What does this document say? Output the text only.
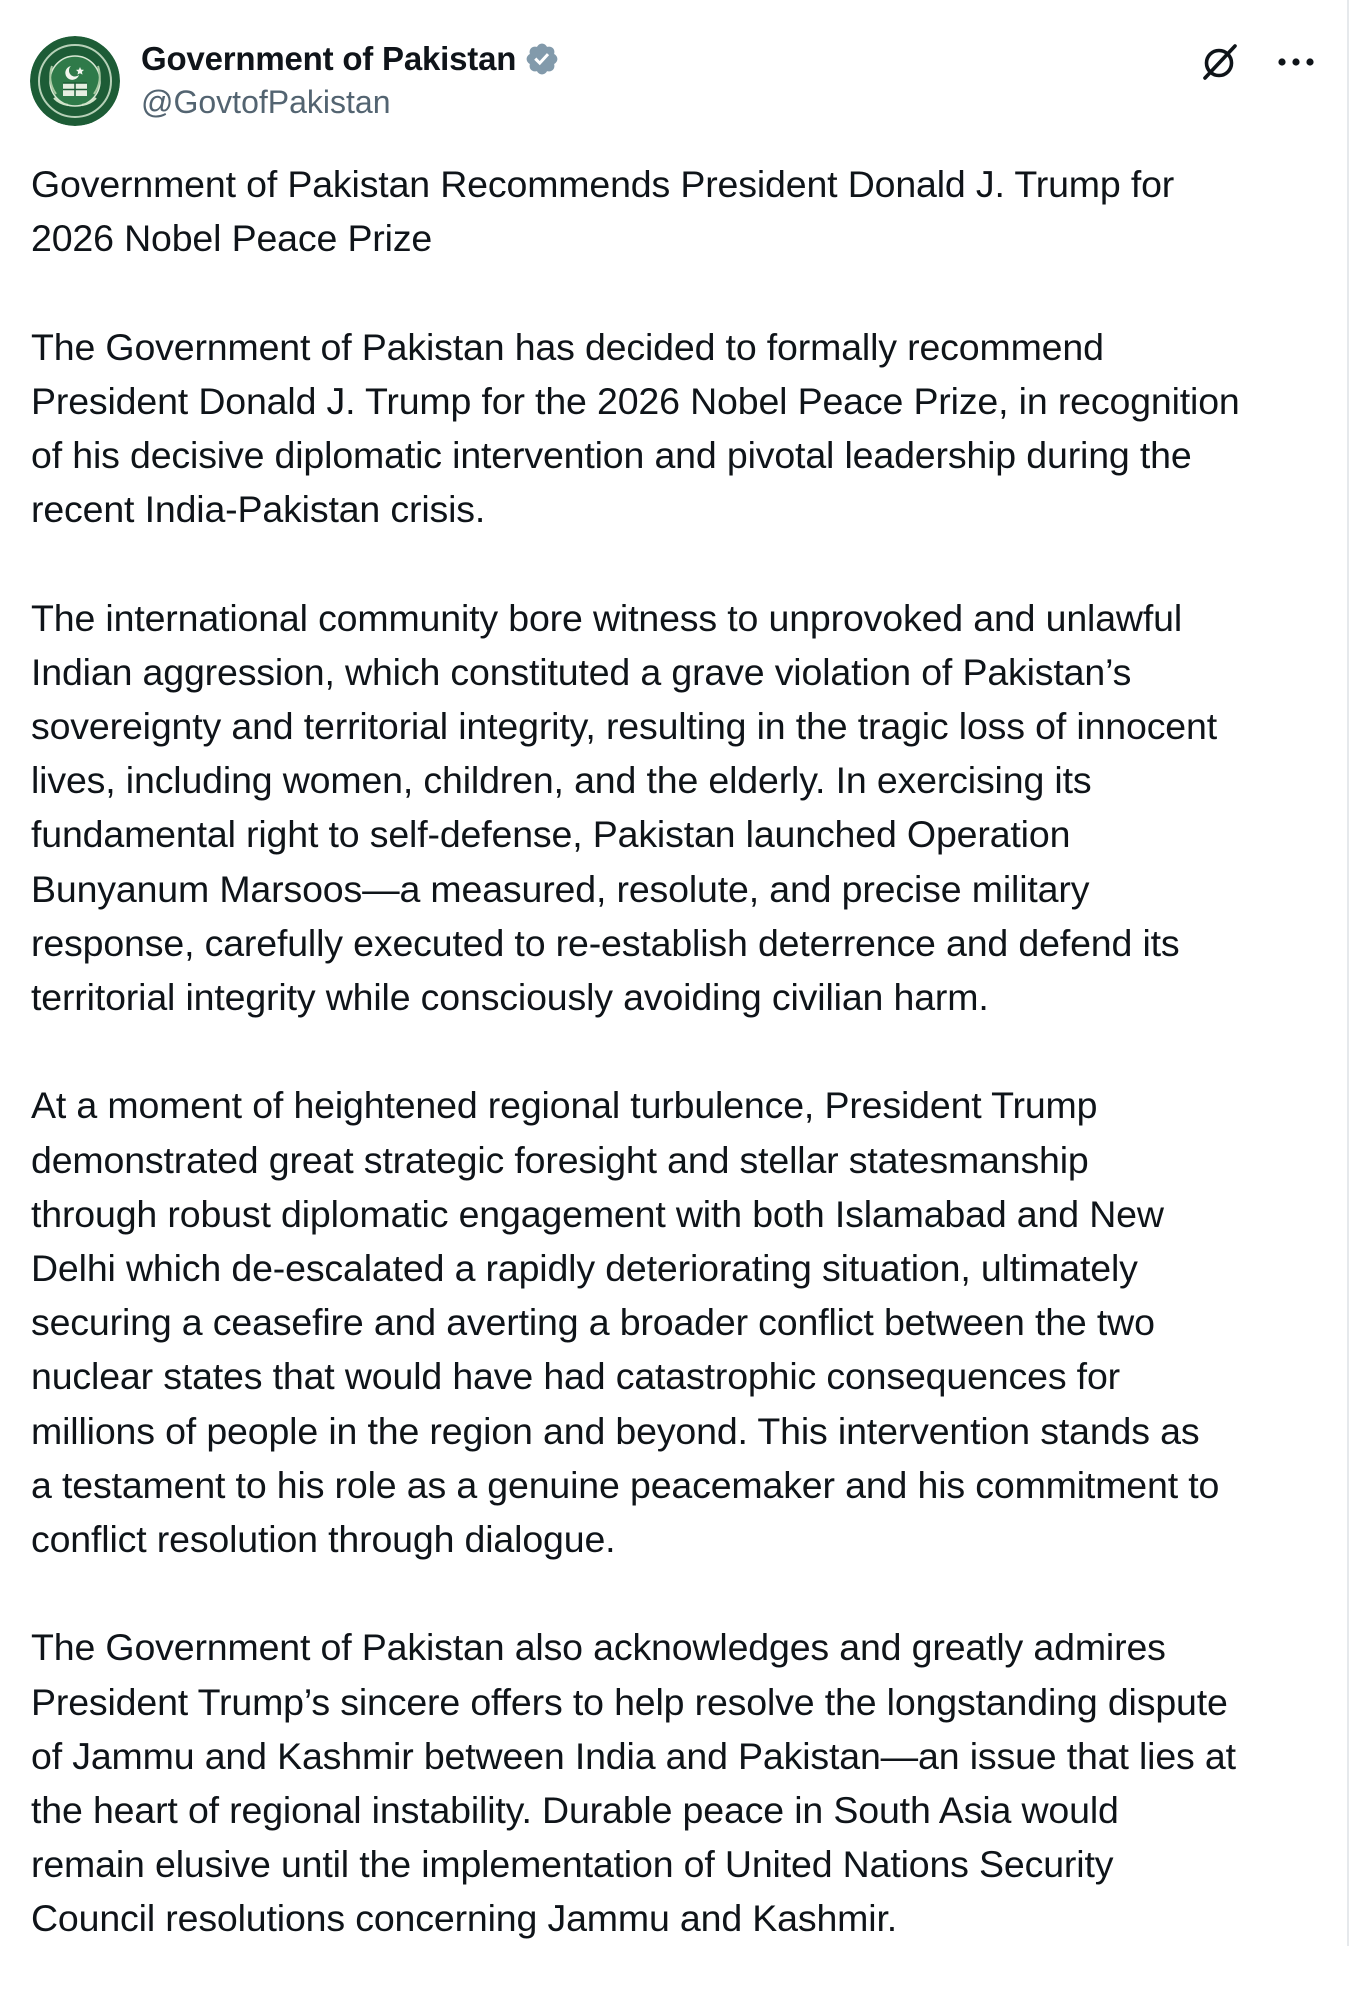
Government of Pakistan
@GovtofPakistan

Government of Pakistan Recommends President Donald J. Trump for
2026 Nobel Peace Prize

The Government of Pakistan has decided to formally recommend
President Donald J. Trump for the 2026 Nobel Peace Prize, in recognition
of his decisive diplomatic intervention and pivotal leadership during the
recent India-Pakistan crisis.

The international community bore witness to unprovoked and unlawful
Indian aggression, which constituted a grave violation of Pakistan’s
sovereignty and territorial integrity, resulting in the tragic loss of innocent
lives, including women, children, and the elderly. In exercising its
fundamental right to self-defense, Pakistan launched Operation
Bunyanum Marsoos—a measured, resolute, and precise military
response, carefully executed to re-establish deterrence and defend its
territorial integrity while consciously avoiding civilian harm.

At a moment of heightened regional turbulence, President Trump
demonstrated great strategic foresight and stellar statesmanship
through robust diplomatic engagement with both Islamabad and New
Delhi which de-escalated a rapidly deteriorating situation, ultimately
securing a ceasefire and averting a broader conflict between the two
nuclear states that would have had catastrophic consequences for
millions of people in the region and beyond. This intervention stands as
a testament to his role as a genuine peacemaker and his commitment to
conflict resolution through dialogue.

The Government of Pakistan also acknowledges and greatly admires
President Trump’s sincere offers to help resolve the longstanding dispute
of Jammu and Kashmir between India and Pakistan—an issue that lies at
the heart of regional instability. Durable peace in South Asia would
remain elusive until the implementation of United Nations Security
Council resolutions concerning Jammu and Kashmir.
